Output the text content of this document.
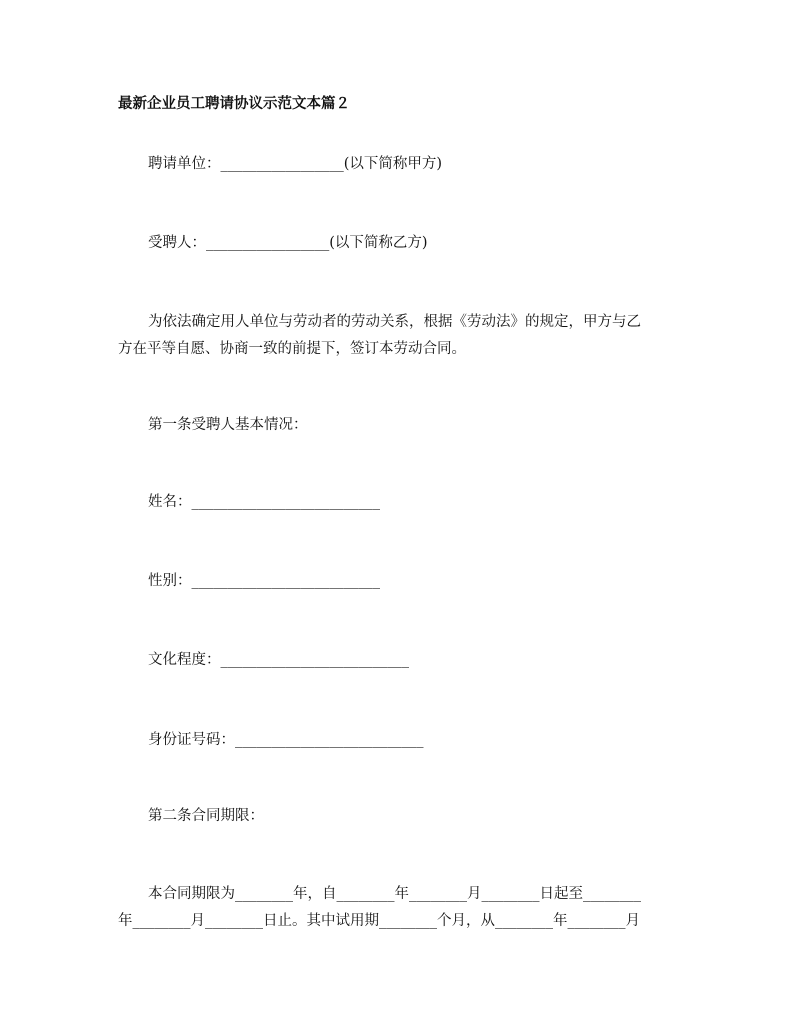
最新企业员工聘请协议示范文本篇２
聘请单位：_________________(以下简称甲方)
受聘人：_________________(以下简称乙方)
为依法确定用人单位与劳动者的劳动关系，根据《劳动法》的规定，甲方与乙
方在平等自愿、协商一致的前提下，签订本劳动合同。
第一条受聘人基本情况：
姓名：__________________________
性别：__________________________
文化程度：__________________________
身份证号码：__________________________
第二条合同期限：
本合同期限为________年，自________年________月________日起至________
年________月________日止。其中试用期________个月，从________年________月
